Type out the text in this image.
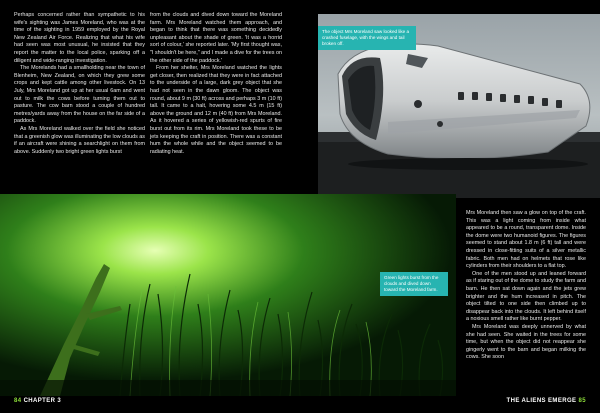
Perhaps concerned rather than sympathetic to his wife's sighting was James Moreland, who was at the time of the sighting in 1959 employed by the Royal New Zealand Air Force. Realizing that what his wife had seen was most unusual, he insisted that they report the matter to the local police, sparking off a diligent and wide-ranging investigation.

The Morelands had a smallholding near the town of Blenheim, New Zealand, on which they grew some crops and kept cattle among other livestock. On 13 July, Mrs Moreland got up at her usual 6am and went out to milk the cows before turning them out to pasture. The cow barn stood a couple of hundred metres/yards away from the house on the far side of a paddock.

As Mrs Moreland walked over the field she noticed that a greenish glow was illuminating the low clouds as if an aircraft were shining a searchlight on them from above. Suddenly two bright green lights burst

from the clouds and dived down toward the Moreland farm. Mrs Moreland watched them approach, and began to think that there was something decidedly unpleasant about the shade of green. 'It was a horrid sort of colour,' she reported later. 'My first thought was, "I shouldn't be here," and I made a dive for the trees on the other side of the paddock.'

From her shelter, Mrs Moreland watched the lights get closer, then realized that they were in fact attached to the underside of a large, dark grey object that she had not seen in the dawn gloom. The object was round, about 9 m (30 ft) across and perhaps 3 m (10 ft) tall. It came to a halt, hovering some 4.5 m (15 ft) above the ground and 12 m (40 ft) from Mrs Moreland. As it hovered a series of yellowish-red spurts of fire burst out from its rim. Mrs Moreland took these to be jets keeping the craft in position. There was a constant hum the whole while and the object seemed to be radiating heat.

The object Mrs Moreland saw looked like a crashed fuselage, with the wings and tail broken off.
Green lights burst from the clouds and dived down toward the Moreland farm.

Mrs Moreland then saw a glow on top of the craft. This was a light coming from inside what appeared to be a round, transparent dome. Inside the dome were two humanoid figures. The figures seemed to stand about 1.8 m (6 ft) tall and were dressed in close-fitting suits of a silver metallic fabric. Both men had on helmets that rose like cylinders from their shoulders to a flat top.

One of the men stood up and leaned forward as if staring out of the dome to study the farm and barn. He then sat down again and the jets grew brighter and the hum increased in pitch. The object tilted to one side then climbed up to disappear back into the clouds. It left behind itself a noxious smell rather like burnt pepper.

Mrs Moreland was deeply unnerved by what she had seen. She waited in the trees for some time, but when the object did not reappear she gingerly went to the barn and began milking the cows. She soon

84 CHAPTER 3	THE ALIENS EMERGE 85
